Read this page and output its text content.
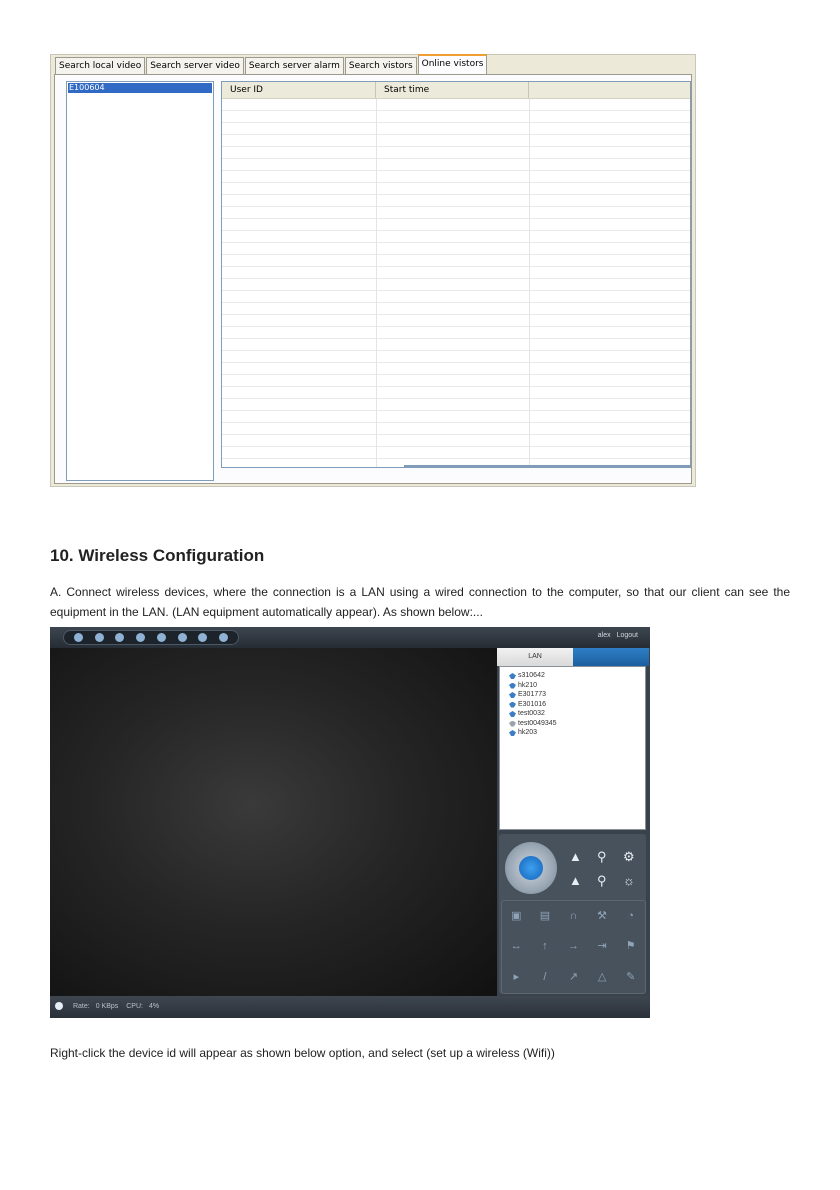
Search local video	Search server video	Search server alarm	Search vistors	Online vistors
E100604	User ID	Start time
10. Wireless Configuration
A. Connect wireless devices, where the connection is a LAN using a wired connection to the computer, so that our client can see the equipment in the LAN. (LAN equipment automatically appear). As shown below:...
alex Logout
LAN
s310642
hk210
E301773
E301016
test0032
test0049345
hk203
▲ ⚲ ⚙
▲ ⚲ ☼
▣ ▤ ∩ ⚒ ◔
↔ ↑ → ⇥ ⚑
▸ / ↗ △ ✎
Rate: 0 KBps CPU: 4%
Right-click the device id will appear as shown below option, and select (set up a wireless (Wifi))
